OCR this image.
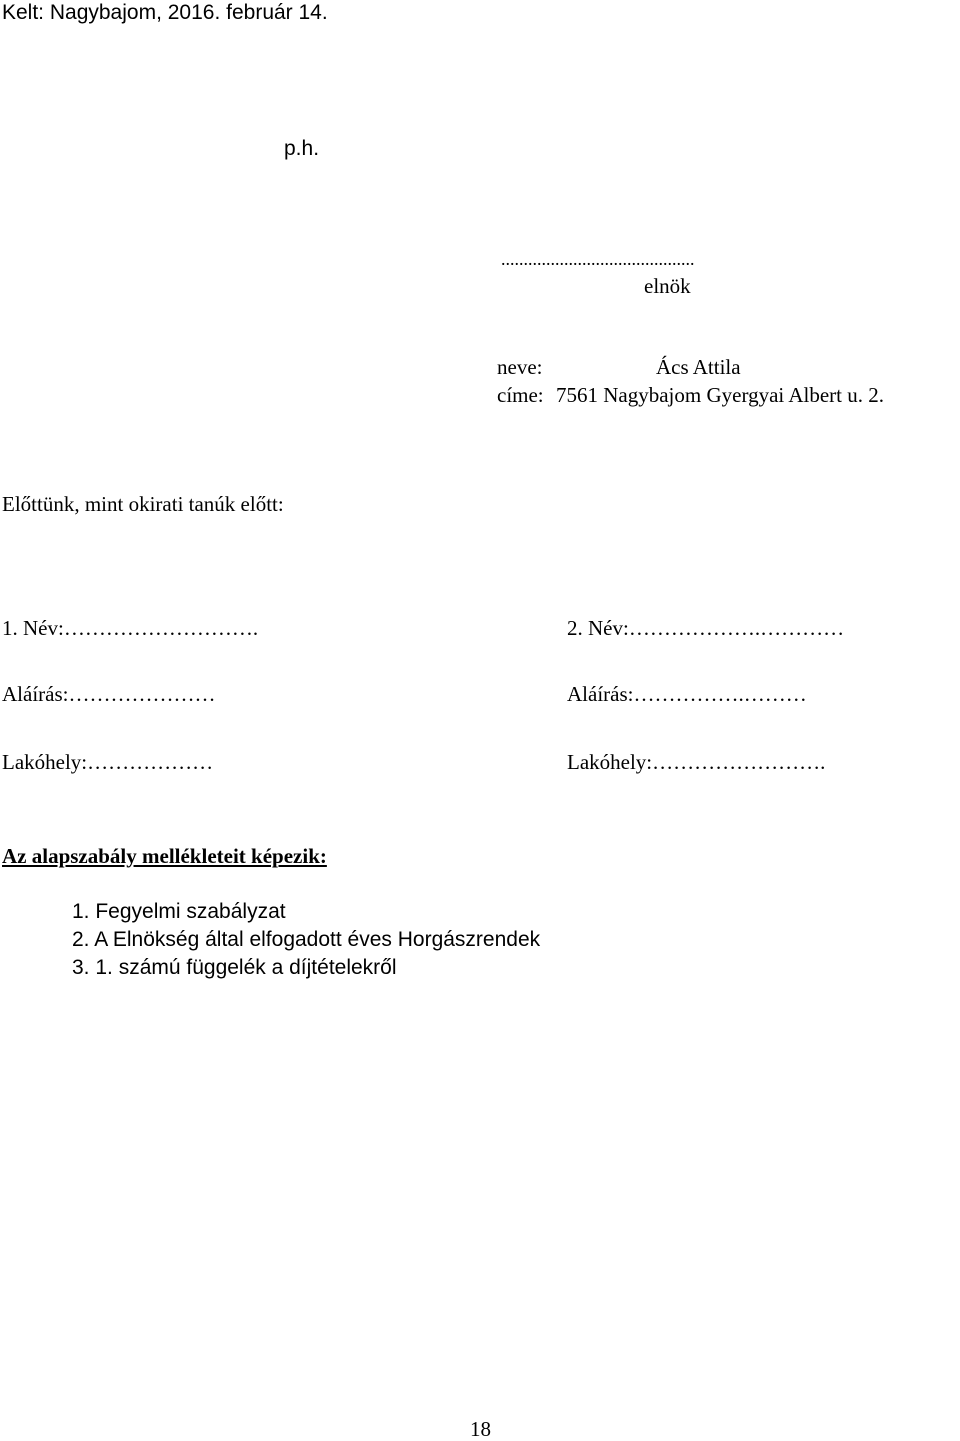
Kelt: Nagybajom, 2016. február 14.
p.h.
...........................................
elnök
neve:	Ács Attila
címe: 7561 Nagybajom Gyergyai Albert u. 2.
Előttünk, mint okirati tanúk előtt:
1. Név:……………………….
Aláírás:…………………
Lakóhely:………………
2. Név:……………….…………
Aláírás:…………….………
Lakóhely:…………………….
Az alapszabály mellékleteit képezik:
1. Fegyelmi szabályzat
2. A Elnökség által elfogadott éves Horgászrendek
3. 1. számú függelék a díjtételekről
18
